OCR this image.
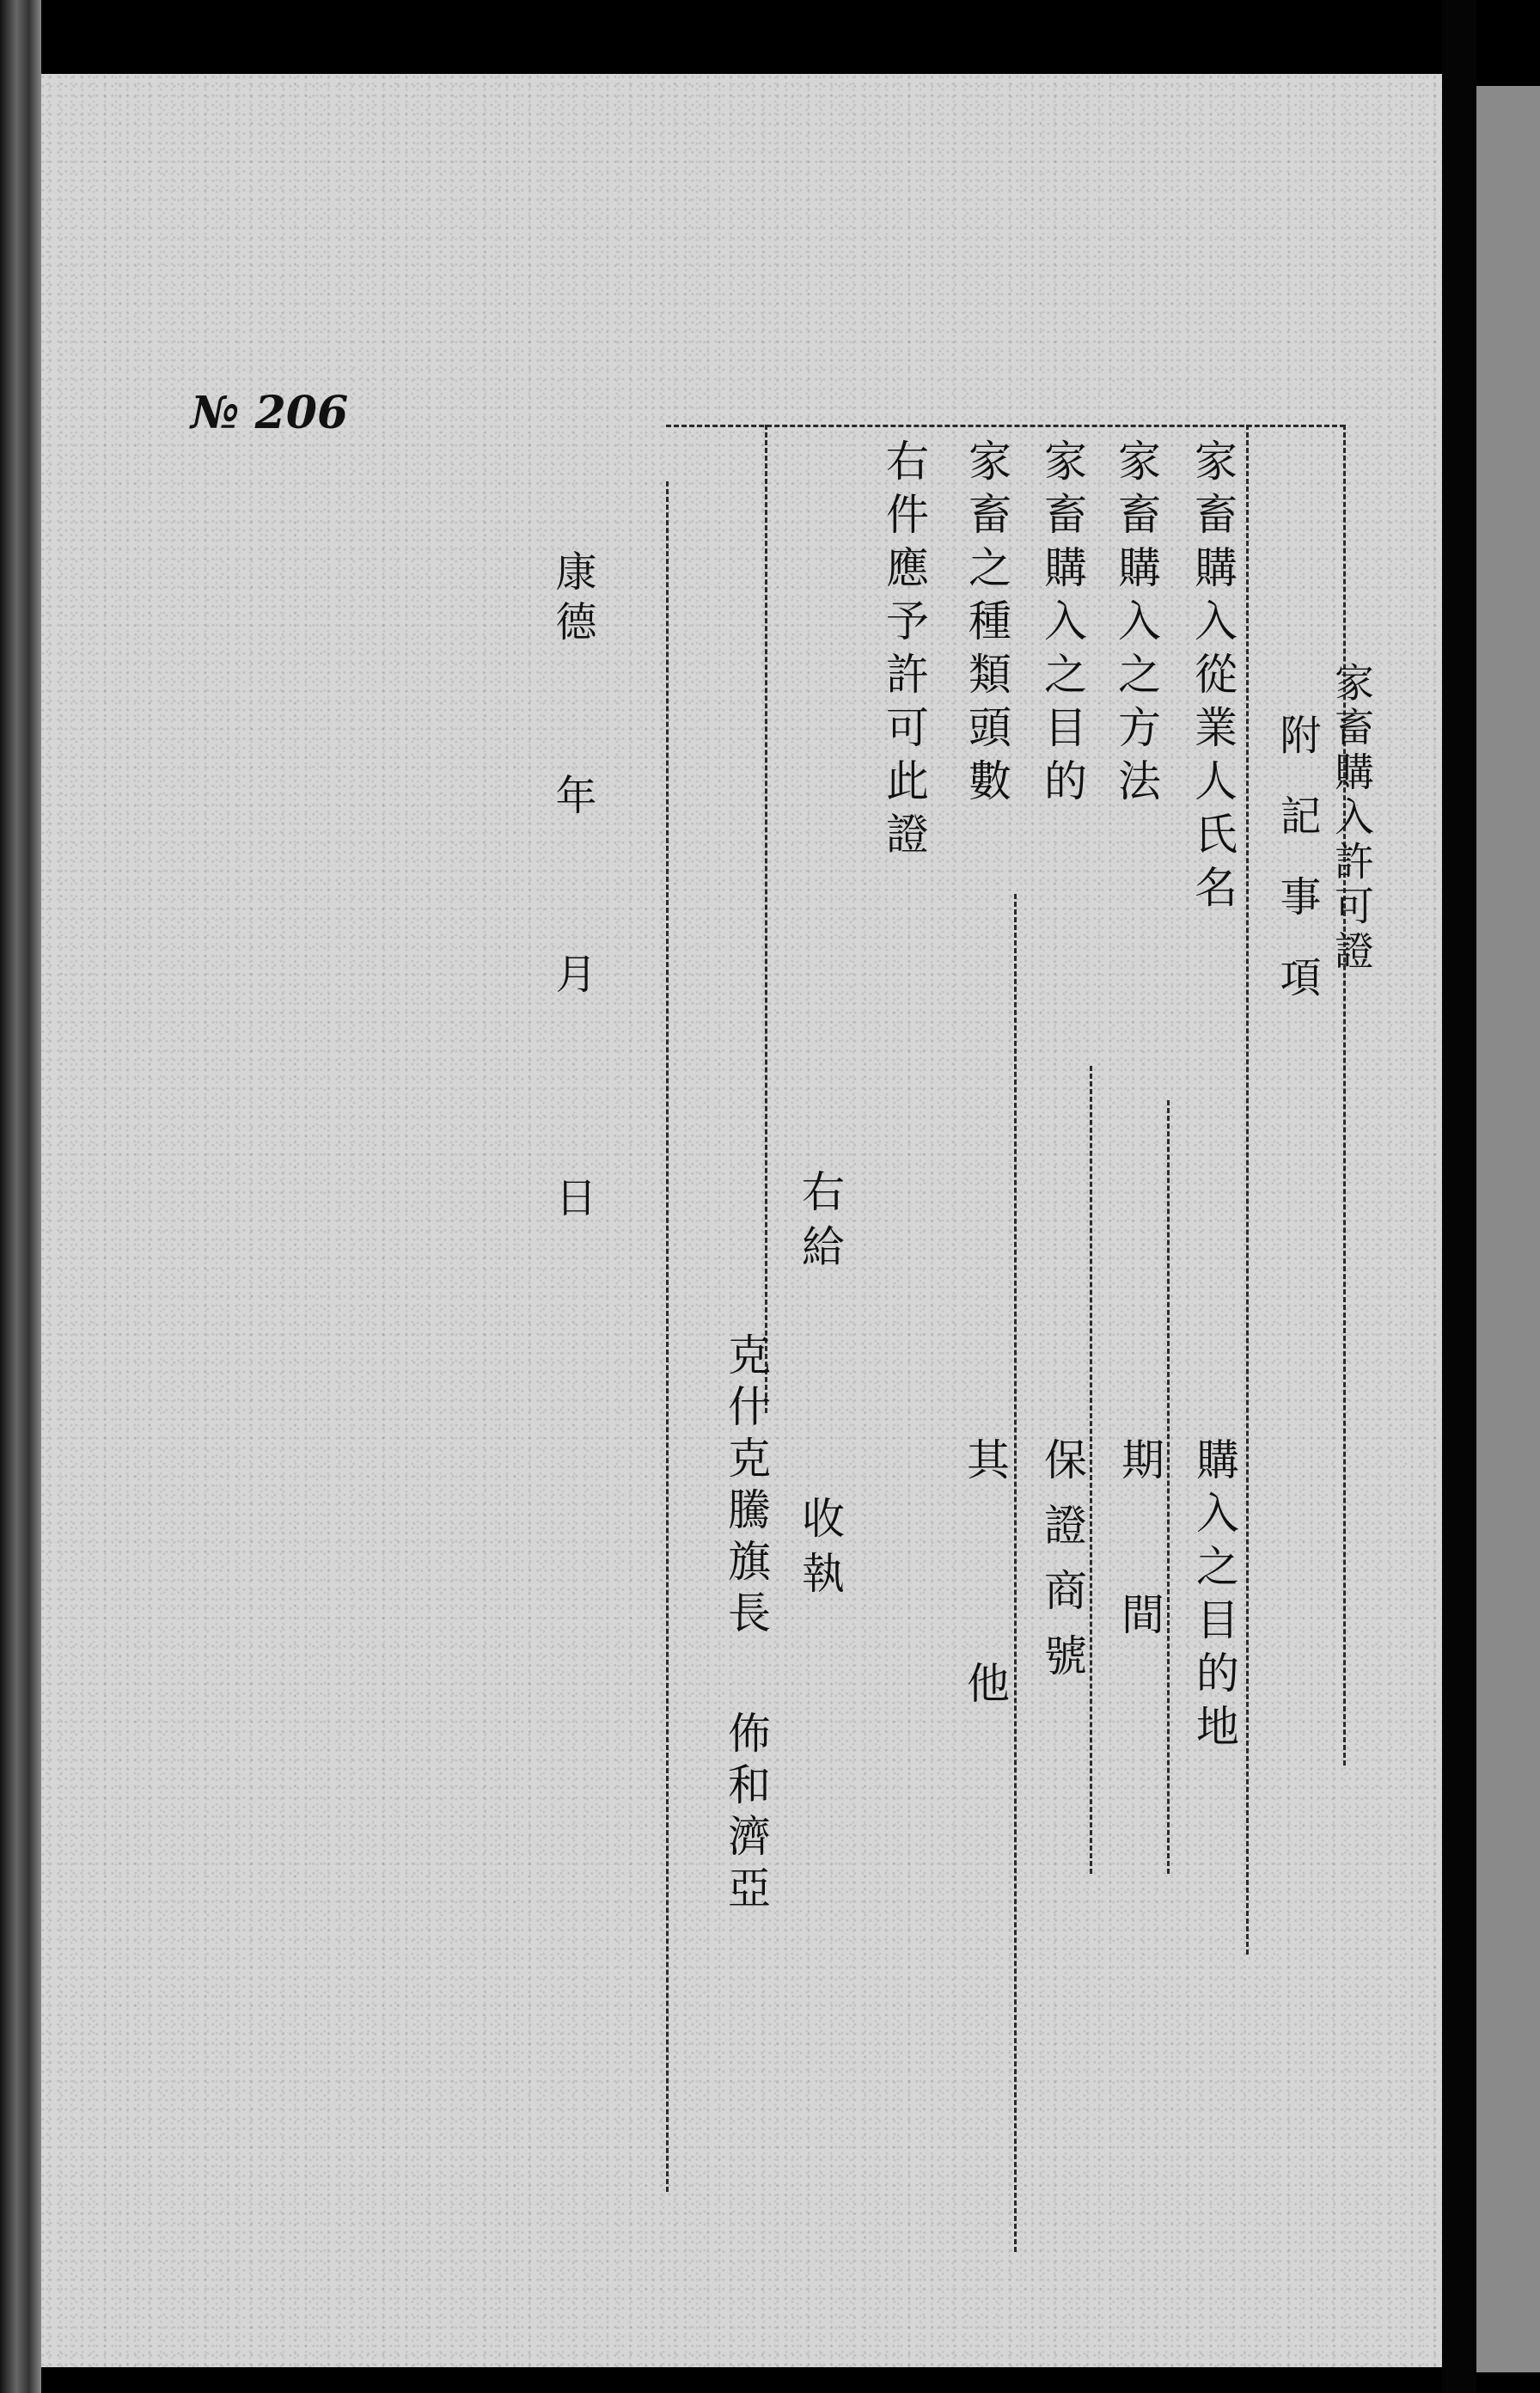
№ 206
家畜購入許可證
附記事項
家畜購入從業人氏名
家畜購入之方法
家畜購入之目的
家畜之種類頭數
右件應予許可此證
購入之目的地
期間
保證商號
其他
右給
收執
克什克騰旗長
佈和濟亞
康德
年
月
日
